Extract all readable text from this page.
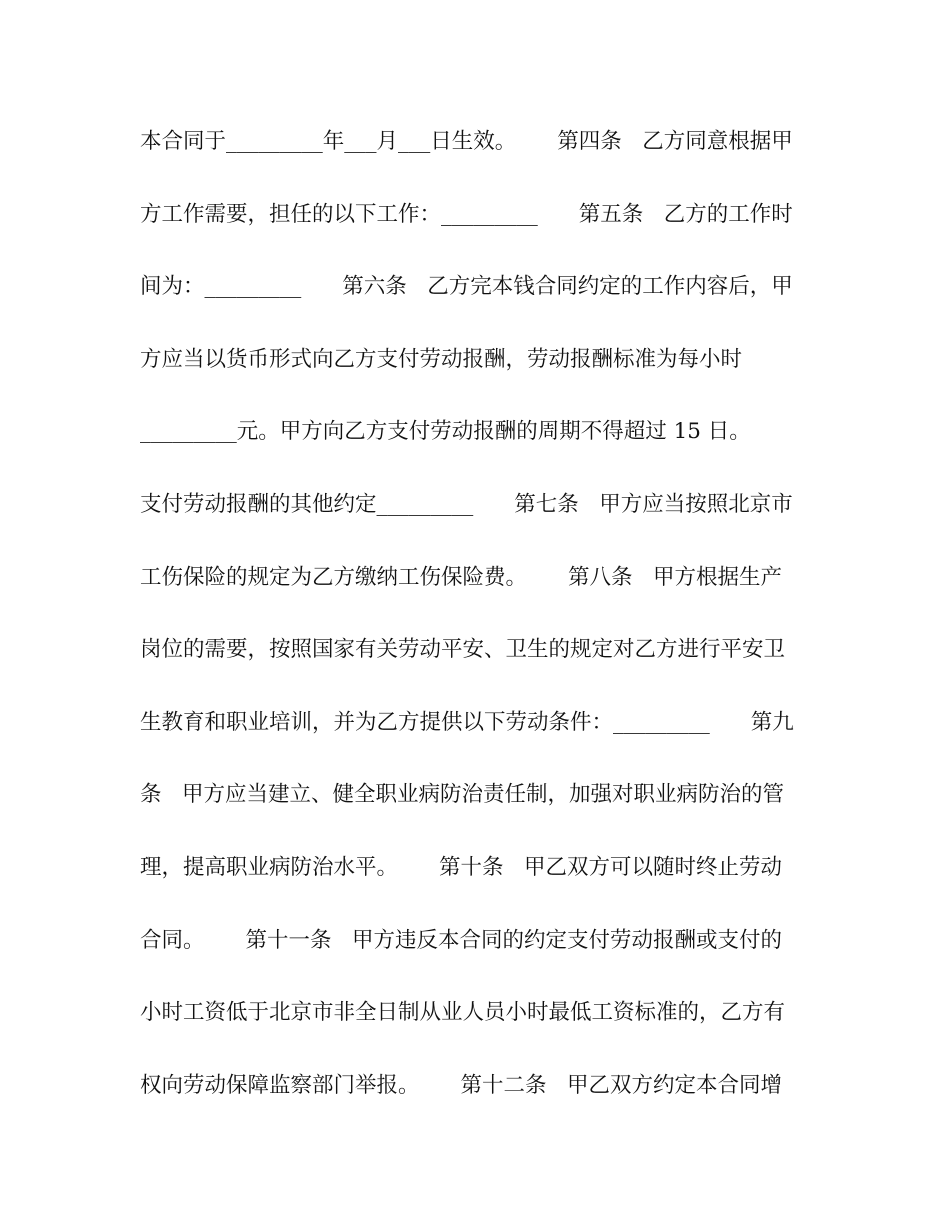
本合同于_________年___月___日生效。      第四条   乙方同意根据甲
方工作需要，担任的以下工作：_________      第五条   乙方的工作时
间为：_________      第六条   乙方完本钱合同约定的工作内容后，甲
方应当以货币形式向乙方支付劳动报酬，劳动报酬标准为每小时
_________元。甲方向乙方支付劳动报酬的周期不得超过 15 日。
支付劳动报酬的其他约定_________      第七条   甲方应当按照北京市
工伤保险的规定为乙方缴纳工伤保险费。      第八条   甲方根据生产
岗位的需要，按照国家有关劳动平安、卫生的规定对乙方进行平安卫
生教育和职业培训，并为乙方提供以下劳动条件：_________      第九
条   甲方应当建立、健全职业病防治责任制，加强对职业病防治的管
理，提高职业病防治水平。      第十条   甲乙双方可以随时终止劳动
合同。      第十一条   甲方违反本合同的约定支付劳动报酬或支付的
小时工资低于北京市非全日制从业人员小时最低工资标准的，乙方有
权向劳动保障监察部门举报。      第十二条   甲乙双方约定本合同增
